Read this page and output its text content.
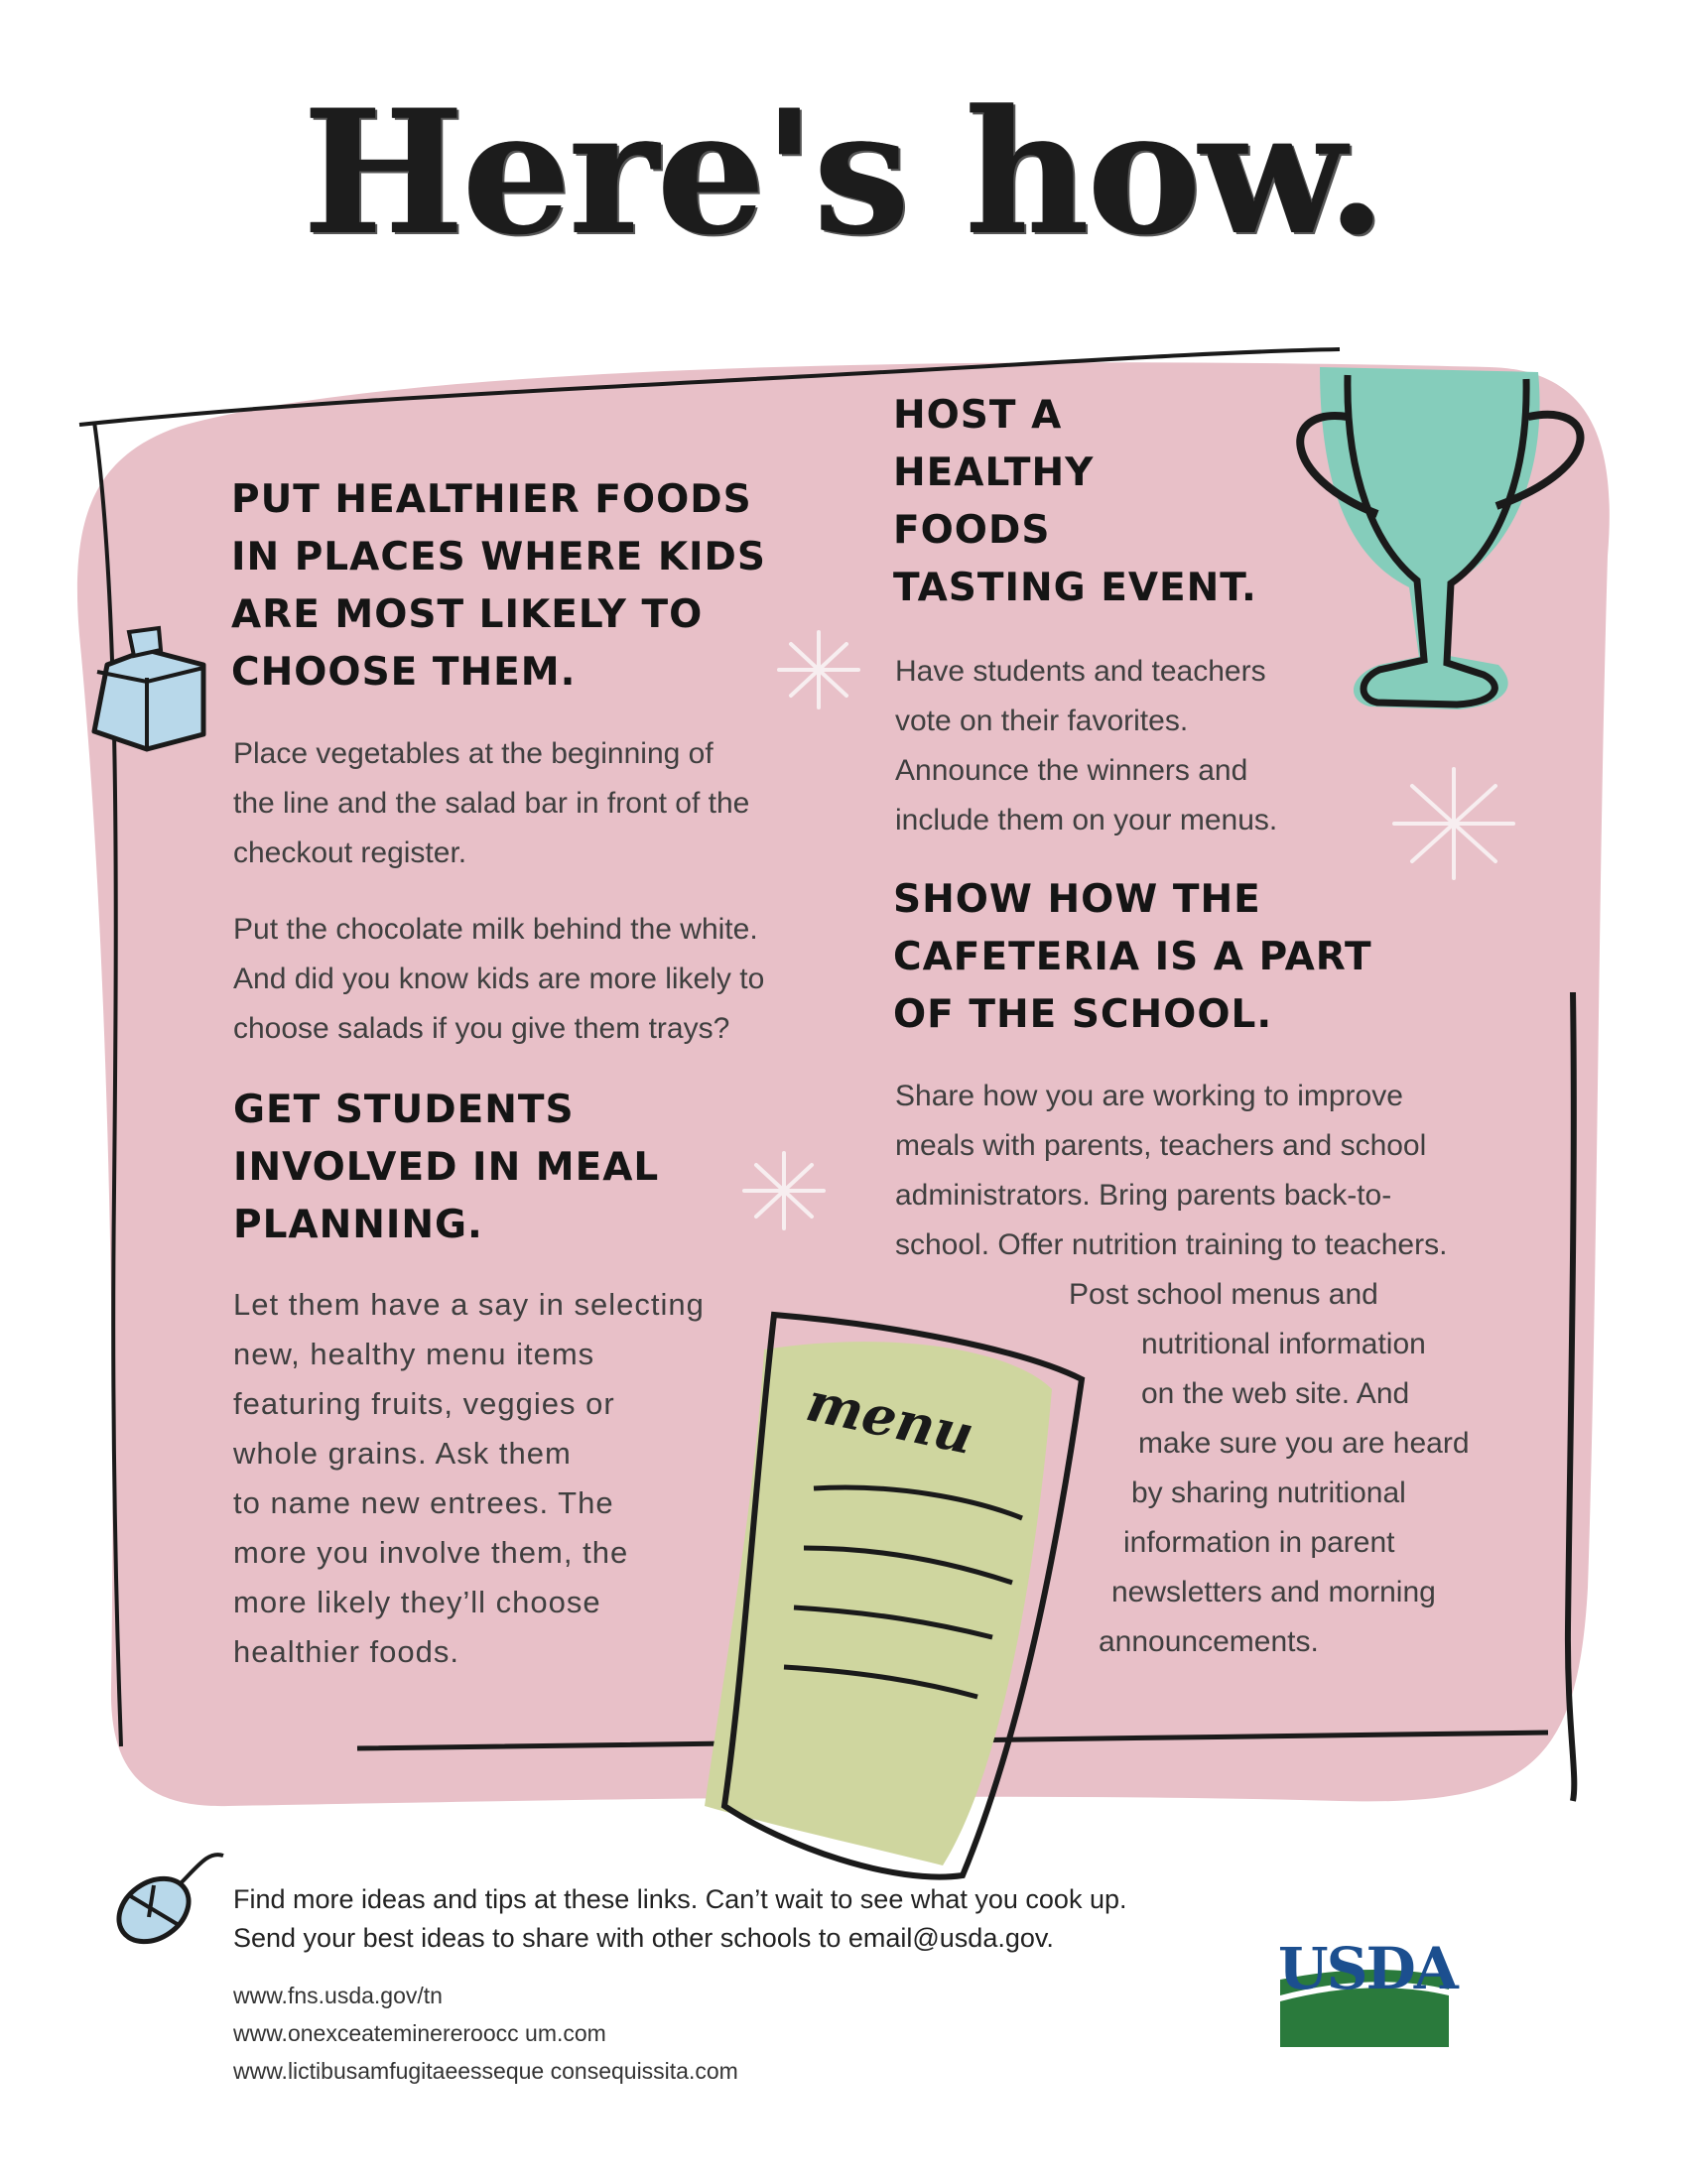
menu
Here's how.
PUT HEALTHIER FOODS
IN PLACES WHERE KIDS
ARE MOST LIKELY TO
CHOOSE THEM.
Place vegetables at the beginning of
the line and the salad bar in front of the
checkout register.
Put the chocolate milk behind the white.
And did you know kids are more likely to
choose salads if you give them trays?
GET STUDENTS
INVOLVED IN MEAL
PLANNING.
Let them have a say in selecting
new, healthy menu items
featuring fruits, veggies or
whole grains. Ask them
to name new entrees. The
more you involve them, the
more likely they’ll choose
healthier foods.
HOST A
HEALTHY
FOODS
TASTING EVENT.
Have students and teachers
vote on their favorites.
Announce the winners and
include them on your menus.
SHOW HOW THE
CAFETERIA IS A PART
OF THE SCHOOL.
Share how you are working to improve
meals with parents, teachers and school
administrators. Bring parents back-to-
school. Offer nutrition training to teachers.
Post school menus and
nutritional information
on the web site. And
make sure you are heard
by sharing nutritional
information in parent
newsletters and morning
announcements.
Find more ideas and tips at these links. Can’t wait to see what you cook up.
Send your best ideas to share with other schools to email@usda.gov.
www.fns.usda.gov/tn
www.onexceateminereroocc um.com
www.lictibusamfugitaeesseque consequissita.com
USDA
